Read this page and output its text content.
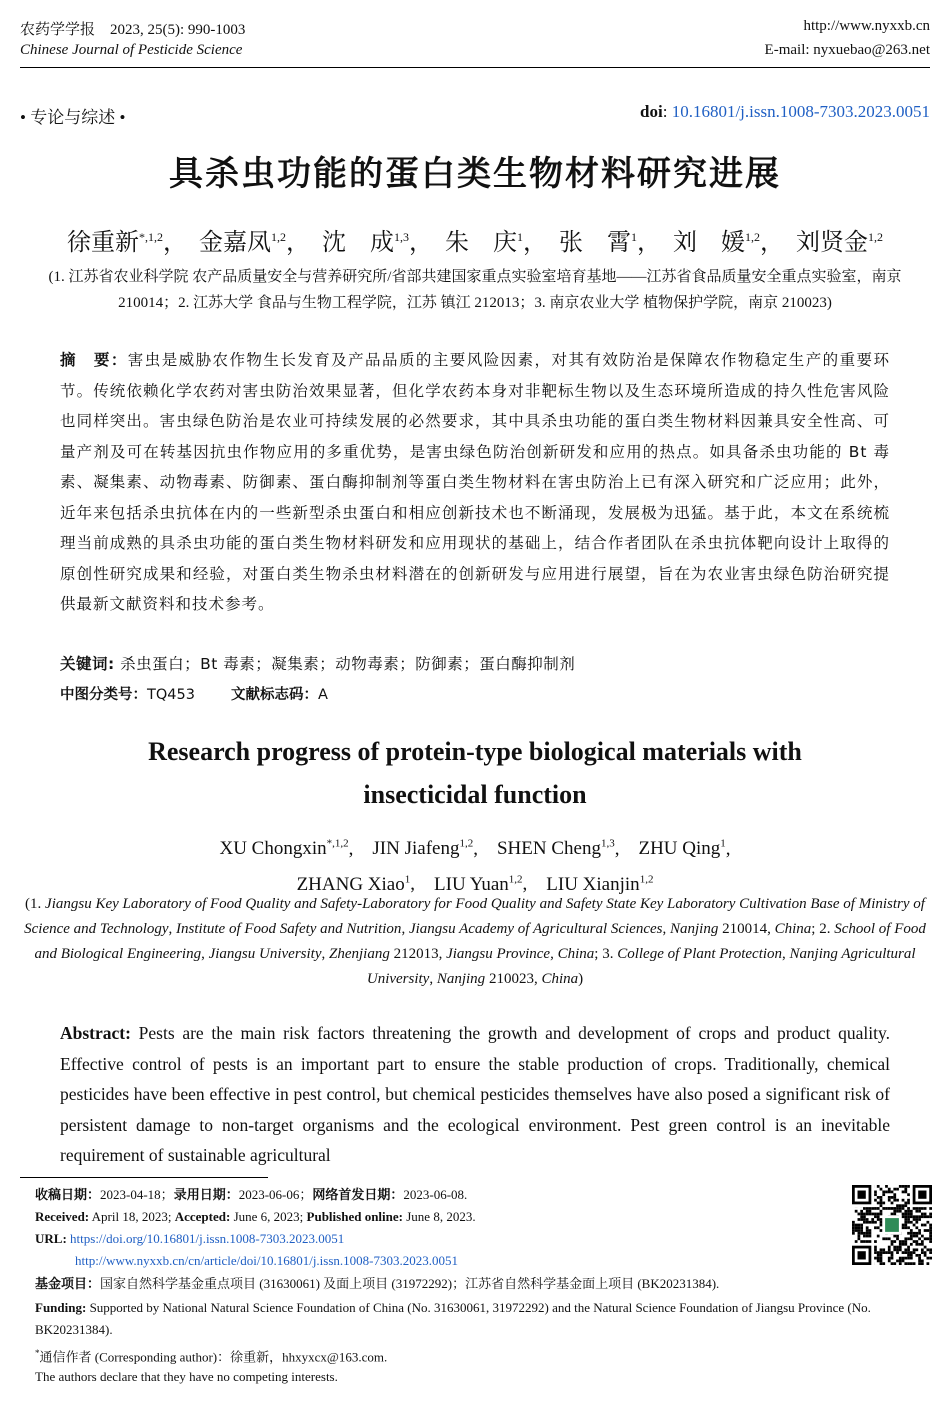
农药学学报　2023, 25(5): 990-1003
Chinese Journal of Pesticide Science
http://www.nyxxb.cn
E-mail: nyxuebao@263.net
• 专论与综述 •	doi: 10.16801/j.issn.1008-7303.2023.0051
具杀虫功能的蛋白类生物材料研究进展
徐重新$^{*,1,2}$，　金嘉凤$^{1,2}$，　沈　成$^{1,3}$，　朱　庆$^1$，　张　霄$^1$，　刘　媛$^{1,2}$，　刘贤金$^{1,2}$
(1. 江苏省农业科学院 农产品质量安全与营养研究所/省部共建国家重点实验室培育基地——江苏省食品质量安全重点实验室，南京 210014；2. 江苏大学 食品与生物工程学院，江苏 镇江 212013；3. 南京农业大学 植物保护学院，南京 210023)
摘　要：害虫是威胁农作物生长发育及产品品质的主要风险因素，对其有效防治是保障农作物稳定生产的重要环节。传统依赖化学农药对害虫防治效果显著，但化学农药本身对非靶标生物以及生态环境所造成的持久性危害风险也同样突出。害虫绿色防治是农业可持续发展的必然要求，其中具杀虫功能的蛋白类生物材料因兼具安全性高、可量产剂及可在转基因抗虫作物应用的多重优势，是害虫绿色防治创新研发和应用的热点。如具备杀虫功能的 Bt 毒素、凝集素、动物毒素、防御素、蛋白酶抑制剂等蛋白类生物材料在害虫防治上已有深入研究和广泛应用；此外，近年来包括杀虫抗体在内的一些新型杀虫蛋白和相应创新技术也不断涌现，发展极为迅猛。基于此，本文在系统梳理当前成熟的具杀虫功能的蛋白类生物材料研发和应用现状的基础上，结合作者团队在杀虫抗体靶向设计上取得的原创性研究成果和经验，对蛋白类生物杀虫材料潜在的创新研发与应用进行展望，旨在为农业害虫绿色防治研究提供最新文献资料和技术参考。
关键词: 杀虫蛋白；Bt 毒素；凝集素；动物毒素；防御素；蛋白酶抑制剂
中图分类号：TQ453 文献标志码：A
Research progress of protein-type biological materials with
insecticidal function
XU Chongxin$^{*,1,2}$,　JIN Jiafeng$^{1,2}$,　SHEN Cheng$^{1,3}$,　ZHU Qing$^1$,
ZHANG Xiao$^1$,　LIU Yuan$^{1,2}$,　LIU Xianjin$^{1,2}$
(1. Jiangsu Key Laboratory of Food Quality and Safety-Laboratory for Food Quality and Safety State Key Laboratory Cultivation Base of Ministry of Science and Technology, Institute of Food Safety and Nutrition, Jiangsu Academy of Agricultural Sciences, Nanjing 210014, China; 2. School of Food and Biological Engineering, Jiangsu University, Zhenjiang 212013, Jiangsu Province, China; 3. College of Plant Protection, Nanjing Agricultural University, Nanjing 210023, China)
Abstract: Pests are the main risk factors threatening the growth and development of crops and product quality. Effective control of pests is an important part to ensure the stable production of crops. Traditionally, chemical pesticides have been effective in pest control, but chemical pesticides themselves have also posed a significant risk of persistent damage to non-target organisms and the ecological environment. Pest green control is an inevitable requirement of sustainable agricultural
收稿日期：2023-04-18；录用日期：2023-06-06；网络首发日期：2023-06-08.
Received: April 18, 2023; Accepted: June 6, 2023; Published online: June 8, 2023.
URL: https://doi.org/10.16801/j.issn.1008-7303.2023.0051
http://www.nyxxb.cn/cn/article/doi/10.16801/j.issn.1008-7303.2023.0051
基金项目：国家自然科学基金重点项目 (31630061) 及面上项目 (31972292)；江苏省自然科学基金面上项目 (BK20231384).
Funding: Supported by National Natural Science Foundation of China (No. 31630061, 31972292) and the Natural Science Foundation of Jiangsu Province (No. BK20231384).
*通信作者 (Corresponding author)：徐重新，hhxyxcx@163.com.
The authors declare that they have no competing interests.
